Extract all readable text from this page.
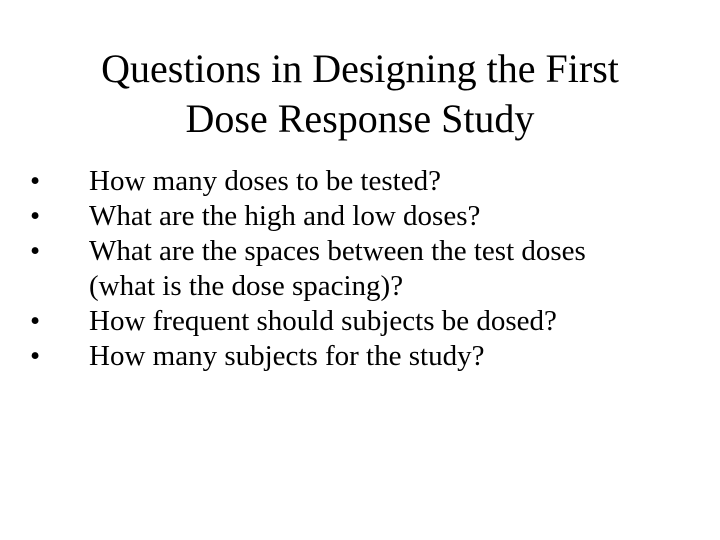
Questions in Designing the First
Dose Response Study
• How many doses to be tested?
• What are the high and low doses?
• What are the spaces between the test doses
(what is the dose spacing)?
• How frequent should subjects be dosed?
• How many subjects for the study?
